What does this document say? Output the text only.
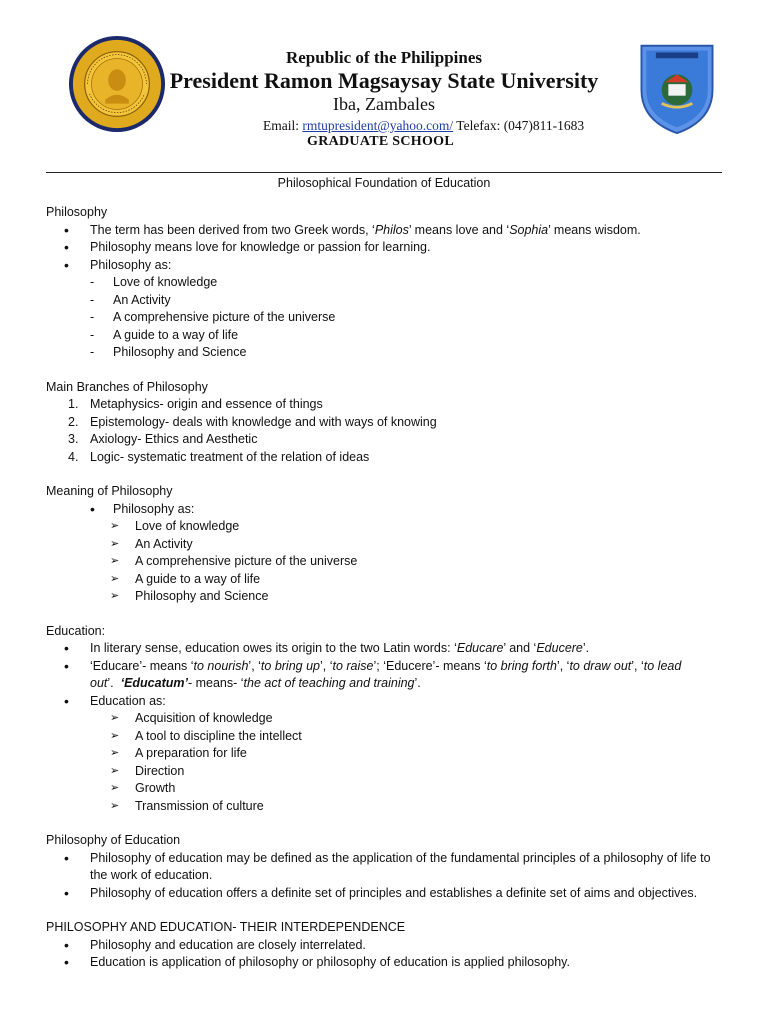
Republic of the Philippines
President Ramon Magsaysay State University
Iba, Zambales
Email: rmtupresident@yahoo.com/ Telefax: (047)811-1683
GRADUATE SCHOOL
Philosophical Foundation of Education
Philosophy
• The term has been derived from two Greek words, ‘Philos’ means love and ‘Sophia’ means wisdom.
• Philosophy means love for knowledge or passion for learning.
• Philosophy as:
- Love of knowledge
- An Activity
- A comprehensive picture of the universe
- A guide to a way of life
- Philosophy and Science
Main Branches of Philosophy
1. Metaphysics- origin and essence of things
2. Epistemology- deals with knowledge and with ways of knowing
3. Axiology- Ethics and Aesthetic
4. Logic- systematic treatment of the relation of ideas
Meaning of Philosophy
• Philosophy as:
➢ Love of knowledge
➢ An Activity
➢ A comprehensive picture of the universe
➢ A guide to a way of life
➢ Philosophy and Science
Education:
• In literary sense, education owes its origin to the two Latin words: ‘Educare’ and ‘Educere’.
• ‘Educare’- means ‘to nourish’, ‘to bring up’, ‘to raise’; ‘Educere’- means ‘to bring forth’, ‘to draw out’, ‘to lead out’.  ‘Educatum’- means- ‘the act of teaching and training’.
• Education as:
➢ Acquisition of knowledge
➢ A tool to discipline the intellect
➢ A preparation for life
➢ Direction
➢ Growth
➢ Transmission of culture
Philosophy of Education
• Philosophy of education may be defined as the application of the fundamental principles of a philosophy of life to the work of education.
• Philosophy of education offers a definite set of principles and establishes a definite set of aims and objectives.
PHILOSOPHY AND EDUCATION- THEIR INTERDEPENDENCE
• Philosophy and education are closely interrelated.
• Education is application of philosophy or philosophy of education is applied philosophy.
